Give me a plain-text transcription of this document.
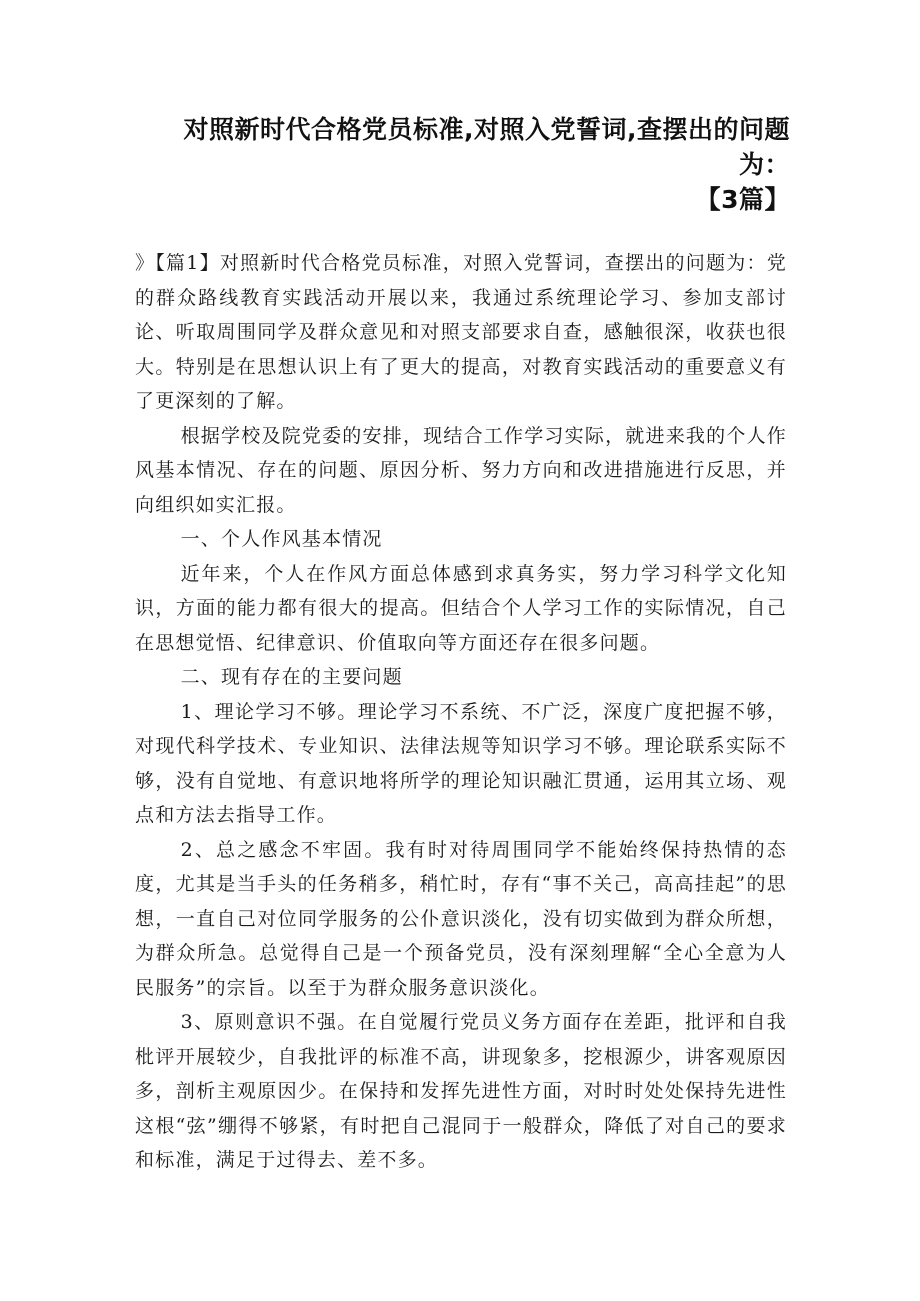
对照新时代合格党员标准,对照入党誓词,查摆出的问题为：
【3篇】

》【篇1】对照新时代合格党员标准，对照入党誓词，查摆出的问题为：党的群众路线教育实践活动开展以来，我通过系统理论学习、参加支部讨论、听取周围同学及群众意见和对照支部要求自查，感触很深，收获也很大。特别是在思想认识上有了更大的提高，对教育实践活动的重要意义有了更深刻的了解。

根据学校及院党委的安排，现结合工作学习实际，就进来我的个人作风基本情况、存在的问题、原因分析、努力方向和改进措施进行反思，并向组织如实汇报。

一、个人作风基本情况

近年来，个人在作风方面总体感到求真务实，努力学习科学文化知识，方面的能力都有很大的提高。但结合个人学习工作的实际情况，自己在思想觉悟、纪律意识、价值取向等方面还存在很多问题。

二、现有存在的主要问题

1、理论学习不够。理论学习不系统、不广泛，深度广度把握不够，对现代科学技术、专业知识、法律法规等知识学习不够。理论联系实际不够，没有自觉地、有意识地将所学的理论知识融汇贯通，运用其立场、观点和方法去指导工作。

2、总之感念不牢固。我有时对待周围同学不能始终保持热情的态度，尤其是当手头的任务稍多，稍忙时，存有“事不关己，高高挂起”的思想，一直自己对位同学服务的公仆意识淡化，没有切实做到为群众所想，为群众所急。总觉得自己是一个预备党员，没有深刻理解“全心全意为人民服务”的宗旨。以至于为群众服务意识淡化。

3、原则意识不强。在自觉履行党员义务方面存在差距，批评和自我枇评开展较少，自我批评的标准不高，讲现象多，挖根源少，讲客观原因多，剖析主观原因少。在保持和发挥先进性方面，对时时处处保持先进性这根“弦”绷得不够紧，有时把自己混同于一般群众，降低了对自己的要求和标准，满足于过得去、差不多。
